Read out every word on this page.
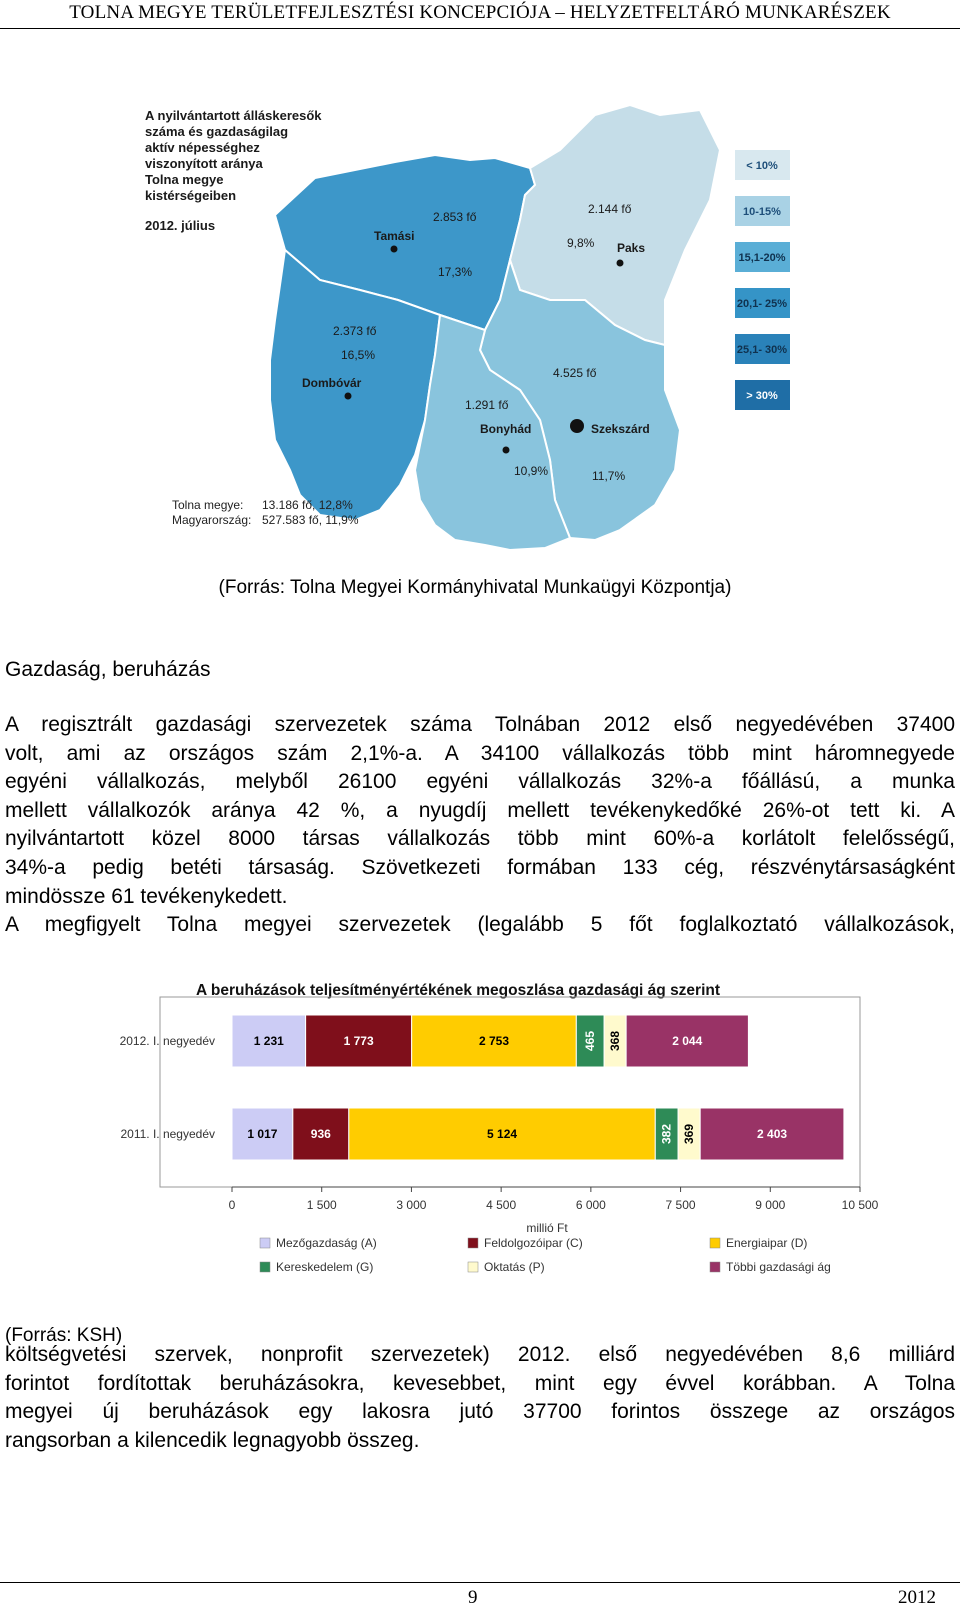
TOLNA MEGYE TERÜLETFEJLESZTÉSI KONCEPCIÓJA – HELYZETFELTÁRÓ MUNKARÉSZEK
A nyilvántartott álláskeresők
száma és gazdaságilag
aktív népességhez
viszonyított aránya
Tolna megye
kistérségeiben
2012. július
2.853 fő
Tamási
17,3%
2.144 fő
9,8% Paks
2.373 fő
16,5%
Dombóvár
4.525 fő
Szekszárd
11,7%
1.291 fő
Bonyhád
10,9%
< 10%
10-15%
15,1-20%
20,1- 25%
25,1- 30%
> 30%
Tolna megye: 13.186 fő, 12,8%
Magyarország: 527.583 fő, 11,9%
(Forrás: Tolna Megyei Kormányhivatal Munkaügyi Központja)
Gazdaság, beruházás
A regisztrált gazdasági szervezetek száma Tolnában 2012 első negyedévében 37400
volt, ami az országos szám 2,1%-a. A 34100 vállalkozás több mint háromnegyede
egyéni vállalkozás, melyből 26100 egyéni vállalkozás 32%-a főállású, a munka
mellett vállalkozók aránya 42 %, a nyugdíj mellett tevékenykedőké 26%-ot tett ki. A
nyilvántartott közel 8000 társas vállalkozás több mint 60%-a korlátolt felelősségű,
34%-a pedig betéti társaság. Szövetkezeti formában 133 cég, részvénytársaságként
mindössze 61 tevékenykedett.
A megfigyelt Tolna megyei szervezetek (legalább 5 főt foglalkoztató vállalkozások,
A beruházások teljesítményértékének megoszlása gazdasági ág szerint
1 231	1 773	2 753	465 368	2 044
1 017	936	5 124	382 369	2 403
2012. I. negyedév
2011. I. negyedév
0	1 500	3 000	4 500	6 000	7 500	9 000	10 500
millió Ft
Mezőgazdaság (A)	Feldolgozóipar (C)	Energiaipar (D)
Kereskedelem (G)	Oktatás (P)	Többi gazdasági ág
(Forrás: KSH)
költségvetési szervek, nonprofit szervezetek) 2012. első negyedévében 8,6 milliárd
forintot fordítottak beruházásokra, kevesebbet, mint egy évvel korábban. A Tolna
megyei új beruházások egy lakosra jutó 37700 forintos összege az országos
rangsorban a kilencedik legnagyobb összeg.
9	2012
